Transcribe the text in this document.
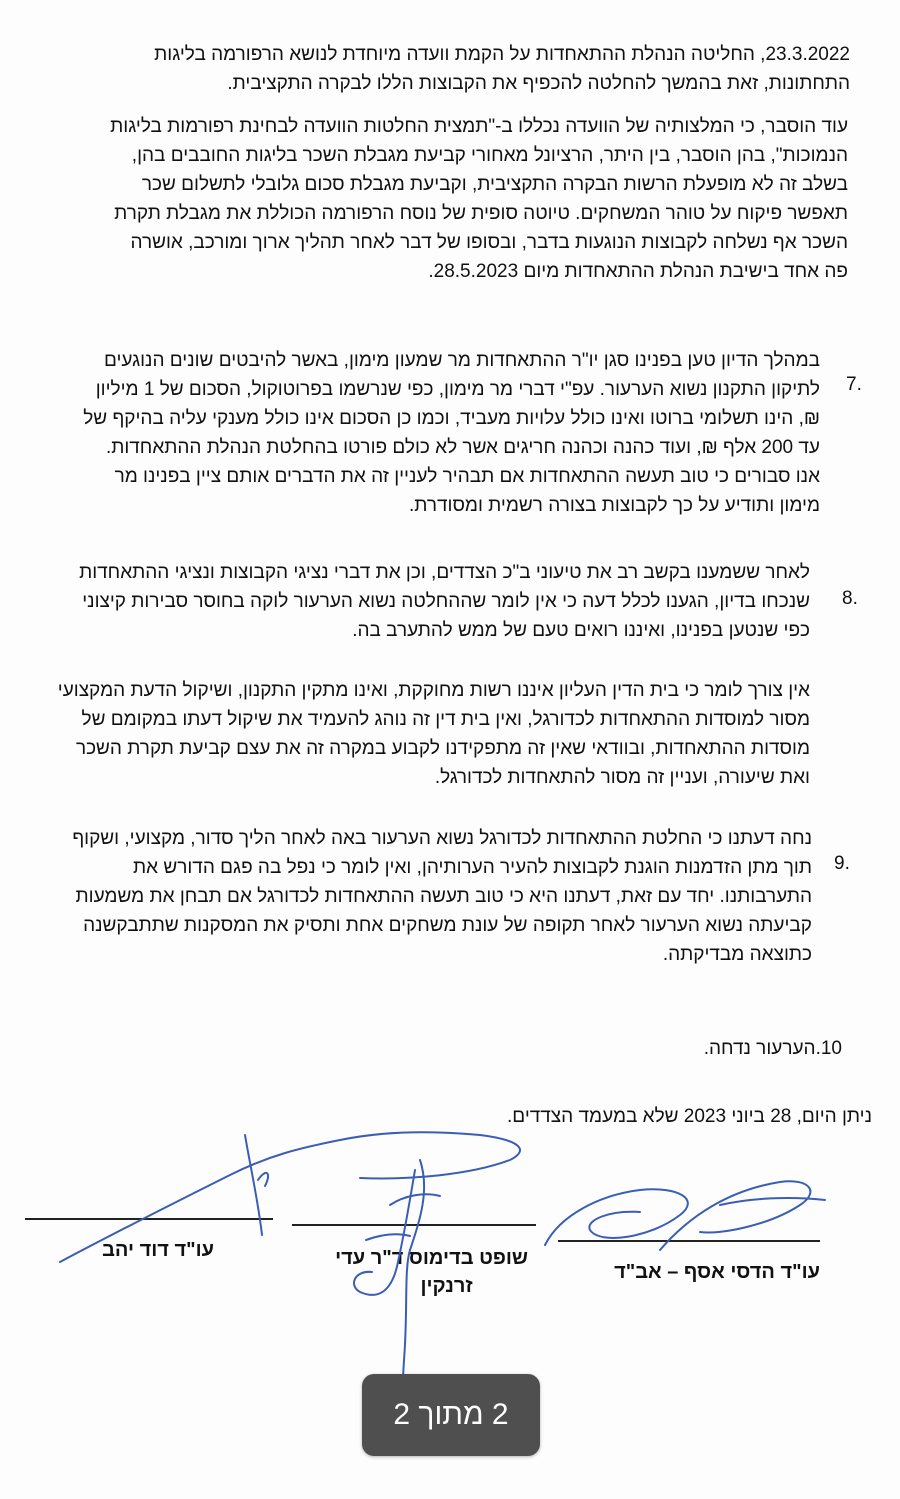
23.3.2022, החליטה הנהלת ההתאחדות על הקמת וועדה מיוחדת לנושא הרפורמה בליגות
התחתונות, זאת בהמשך להחלטה להכפיף את הקבוצות הללו לבקרה התקציבית.
עוד הוסבר, כי המלצותיה של הוועדה נכללו ב-"תמצית החלטות הוועדה לבחינת רפורמות בליגות
הנמוכות", בהן הוסבר, בין היתר, הרציונל מאחורי קביעת מגבלת השכר בליגות החובבים בהן,
בשלב זה לא מופעלת הרשות הבקרה התקציבית, וקביעת מגבלת סכום גלובלי לתשלום שכר
תאפשר פיקוח על טוהר המשחקים. טיוטה סופית של נוסח הרפורמה הכוללת את מגבלת תקרת
השכר אף נשלחה לקבוצות הנוגעות בדבר, ובסופו של דבר לאחר תהליך ארוך ומורכב, אושרה
פה אחד בישיבת הנהלת ההתאחדות מיום 28.5.2023.
7.
במהלך הדיון טען בפנינו סגן יו"ר ההתאחדות מר שמעון מימון, באשר להיבטים שונים הנוגעים
לתיקון התקנון נשוא הערעור. עפ"י דברי מר מימון, כפי שנרשמו בפרוטוקול, הסכום של 1 מיליון
₪, הינו תשלומי ברוטו ואינו כולל עלויות מעביד, וכמו כן הסכום אינו כולל מענקי עליה בהיקף של
עד 200 אלף ₪, ועוד כהנה וכהנה חריגים אשר לא כולם פורטו בהחלטת הנהלת ההתאחדות.
אנו סבורים כי טוב תעשה ההתאחדות אם תבהיר לעניין זה את הדברים אותם ציין בפנינו מר
מימון ותודיע על כך לקבוצות בצורה רשמית ומסודרת.
8.
לאחר ששמענו בקשב רב את טיעוני ב"כ הצדדים, וכן את דברי נציגי הקבוצות ונציגי ההתאחדות
שנכחו בדיון, הגענו לכלל דעה כי אין לומר שההחלטה נשוא הערעור לוקה בחוסר סבירות קיצוני
כפי שנטען בפנינו, ואיננו רואים טעם של ממש להתערב בה.
אין צורך לומר כי בית הדין העליון איננו רשות מחוקקת, ואינו מתקין התקנון, ושיקול הדעת המקצועי
מסור למוסדות ההתאחדות לכדורגל, ואין בית דין זה נוהג להעמיד את שיקול דעתו במקומם של
מוסדות ההתאחדות, ובוודאי שאין זה מתפקידנו לקבוע במקרה זה את עצם קביעת תקרת השכר
ואת שיעורה, ועניין זה מסור להתאחדות לכדורגל.
9.
נחה דעתנו כי החלטת ההתאחדות לכדורגל נשוא הערעור באה לאחר הליך סדור, מקצועי, ושקוף
תוך מתן הזדמנות הוגנת לקבוצות להעיר הערותיהן, ואין לומר כי נפל בה פגם הדורש את
התערבותנו. יחד עם זאת, דעתנו היא כי טוב תעשה ההתאחדות לכדורגל אם תבחן את משמעות
קביעתה נשוא הערעור לאחר תקופה של עונת משחקים אחת ותסיק את המסקנות שתתבקשנה
כתוצאה מבדיקתה.
10.הערעור נדחה.
ניתן היום, 28 ביוני 2023 שלא במעמד הצדדים.
עו"ד הדסי אסף – אב"ד
שופט בדימוס ד"ר עדי
זרנקין
עו"ד דוד יהב
2 מתוך 2
